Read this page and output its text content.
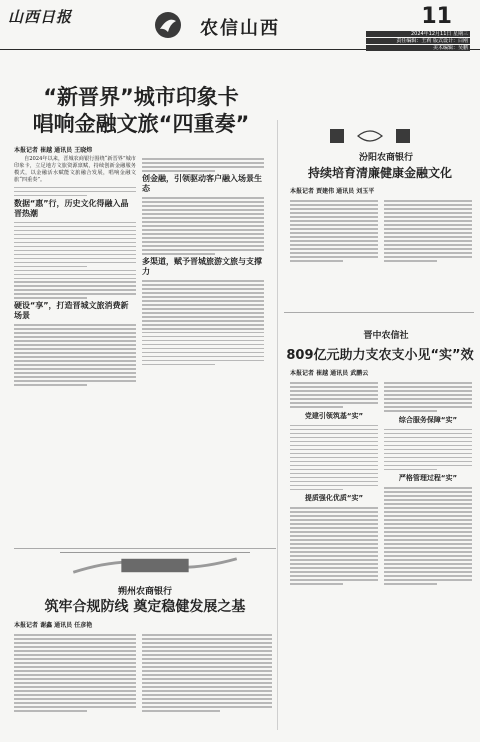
山西日报
农信山西	11
2024年12月11日 星期三
责任编辑：王莉 版式设计：白刚
美术编辑：吴鹏
“新晋界”城市印象卡
唱响金融文旅“四重奏”
本报记者 崔越 通讯员 王晓炜
自2024年以来，晋城农商银行围绕“新晋界”城市印象卡，立足地方文旅资源禀赋，持续创新金融服务模式，以金融活水赋能文旅融合发展，唱响金融文旅“四重奏”。
数据“惠”行，历史文化得融入晶晋热潮
硬设“享”，打造晋城文旅消费新场景
创金融，引领驱动客户融入场景生态
多渠道，赋予晋城旅游文旅与支撑力
汾阳农商银行
持续培育清廉健康金融文化
本报记者 贾建伟 通讯员 刘玉平
晋中农信社
809亿元助力支农支小见“实”效
本报记者 崔越 通讯员 武鹏云
党建引领筑基“实”
提质强化优质“实”
综合服务保障“实”
严格管理过程“实”
朔州农商银行
筑牢合规防线 奠定稳健发展之基
本报记者 谢鑫 通讯员 任彦艳
